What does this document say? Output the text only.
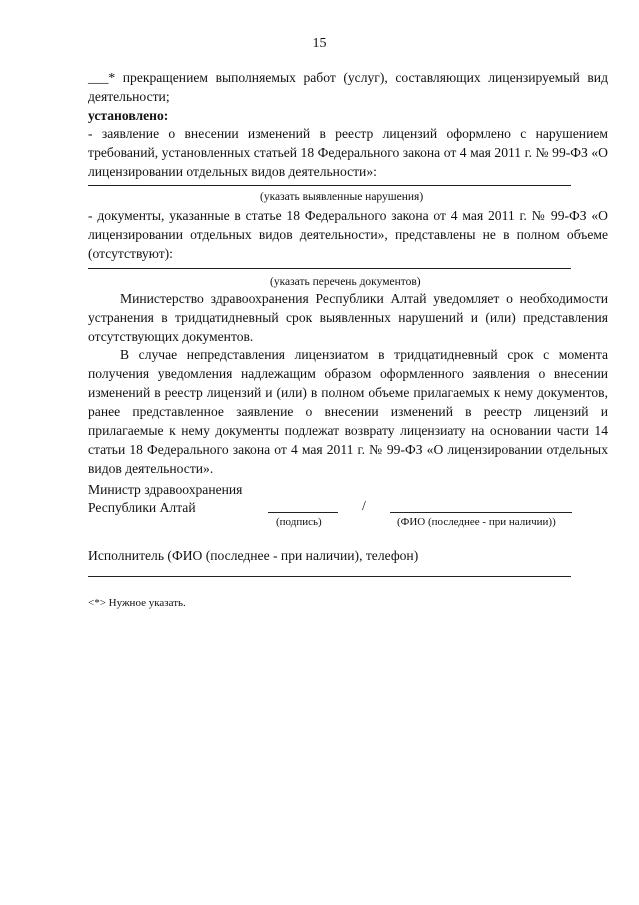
15
___* прекращением выполняемых работ (услуг), составляющих лицензируемый вид деятельности;
установлено:
- заявление о внесении изменений в реестр лицензий оформлено с нарушением требований, установленных статьей 18 Федерального закона от 4 мая 2011 г. № 99-ФЗ «О лицензировании отдельных видов деятельности»:
(указать выявленные нарушения)
- документы, указанные в статье 18 Федерального закона от 4 мая 2011 г. № 99-ФЗ «О лицензировании отдельных видов деятельности», представлены не в полном объеме (отсутствуют):
(указать перечень документов)
Министерство здравоохранения Республики Алтай уведомляет о необходимости устранения в тридцатидневный срок выявленных нарушений и (или) представления отсутствующих документов.
В случае непредставления лицензиатом в тридцатидневный срок с момента получения уведомления надлежащим образом оформленного заявления о внесении изменений в реестр лицензий и (или) в полном объеме прилагаемых к нему документов, ранее представленное заявление о внесении изменений в реестр лицензий и прилагаемые к нему документы подлежат возврату лицензиату на основании части 14 статьи 18 Федерального закона от 4 мая 2011 г. № 99-ФЗ «О лицензировании отдельных видов деятельности».
Министр здравоохранения
Республики Алтай	/
(подпись)	(ФИО (последнее - при наличии))
Исполнитель (ФИО (последнее - при наличии), телефон)
<*> Нужное указать.
